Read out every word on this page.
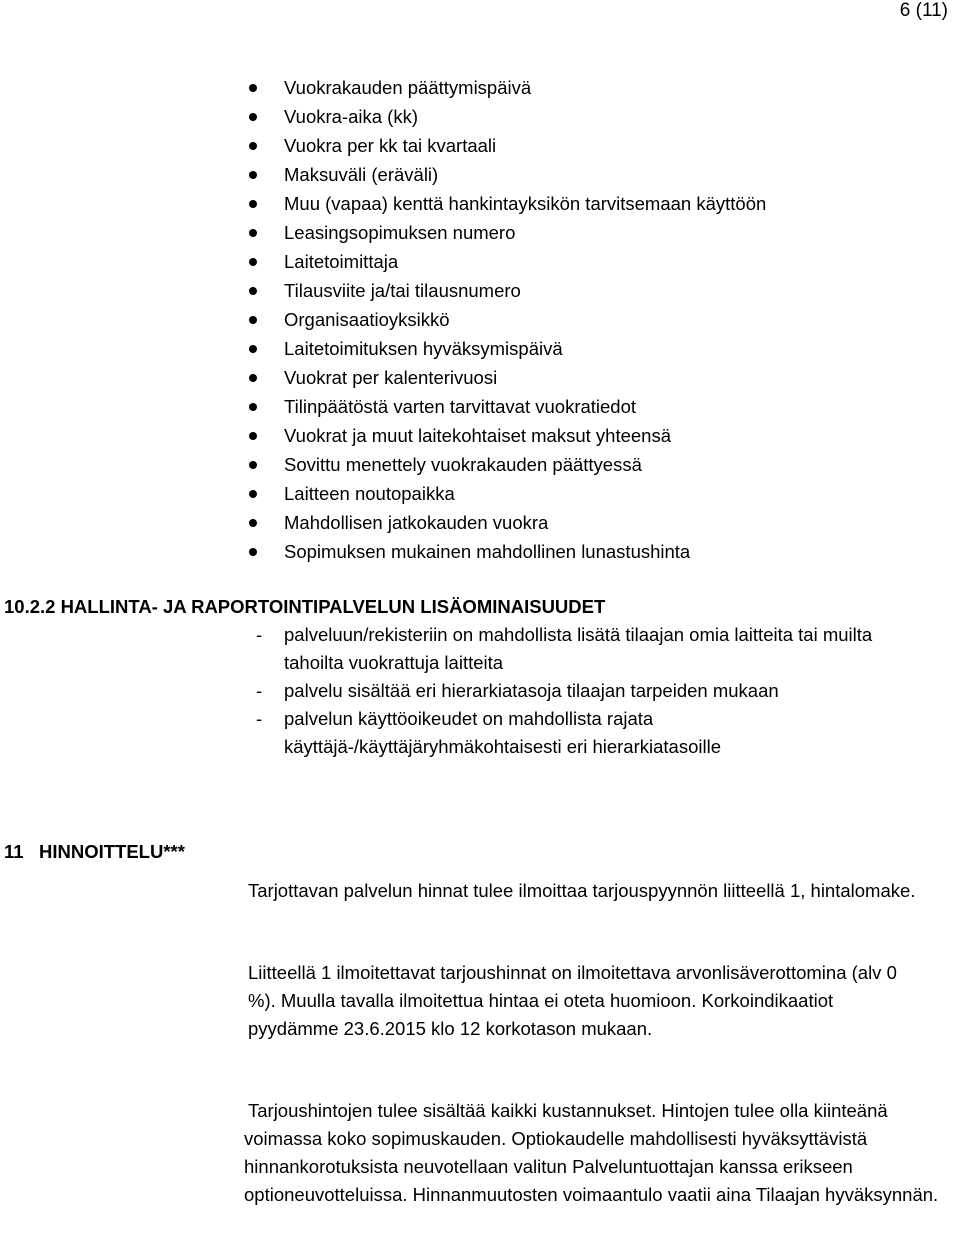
6 (11)
Vuokrakauden päättymispäivä
Vuokra-aika (kk)
Vuokra per kk tai kvartaali
Maksuväli (eräväli)
Muu (vapaa) kenttä hankintayksikön tarvitsemaan käyttöön
Leasingsopimuksen numero
Laitetoimittaja
Tilausviite ja/tai tilausnumero
Organisaatioyksikkö
Laitetoimituksen hyväksymispäivä
Vuokrat per kalenterivuosi
Tilinpäätöstä varten tarvittavat vuokratiedot
Vuokrat ja muut laitekohtaiset maksut yhteensä
Sovittu menettely vuokrakauden päättyessä
Laitteen noutopaikka
Mahdollisen jatkokauden vuokra
Sopimuksen mukainen mahdollinen lunastushinta
10.2.2 HALLINTA- JA RAPORTOINTIPALVELUN LISÄOMINAISUUDET
- palveluun/rekisteriin on mahdollista lisätä tilaajan omia laitteita tai muilta tahoilta vuokrattuja laitteita
- palvelu sisältää eri hierarkiatasoja tilaajan tarpeiden mukaan
- palvelun käyttöoikeudet on mahdollista rajata käyttäjä-/käyttäjäryhmäkohtaisesti eri hierarkiatasoille
11   HINNOITTELU***
Tarjottavan palvelun hinnat tulee ilmoittaa tarjouspyynnön liitteellä 1, hintalomake.
Liitteellä 1 ilmoitettavat tarjoushinnat on ilmoitettava arvonlisäverottomina (alv 0 %). Muulla tavalla ilmoitettua hintaa ei oteta huomioon. Korkoindikaatiot pyydämme 23.6.2015 klo 12 korkotason mukaan.
Tarjoushintojen tulee sisältää kaikki kustannukset. Hintojen tulee olla kiinteänä voimassa koko sopimuskauden. Optiokaudelle mahdollisesti hyväksyttävistä hinnankorotuksista neuvotellaan valitun Palveluntuottajan kanssa erikseen optioneuvotteluissa. Hinnanmuutosten voimaantulo vaatii aina Tilaajan hyväksynnän.
